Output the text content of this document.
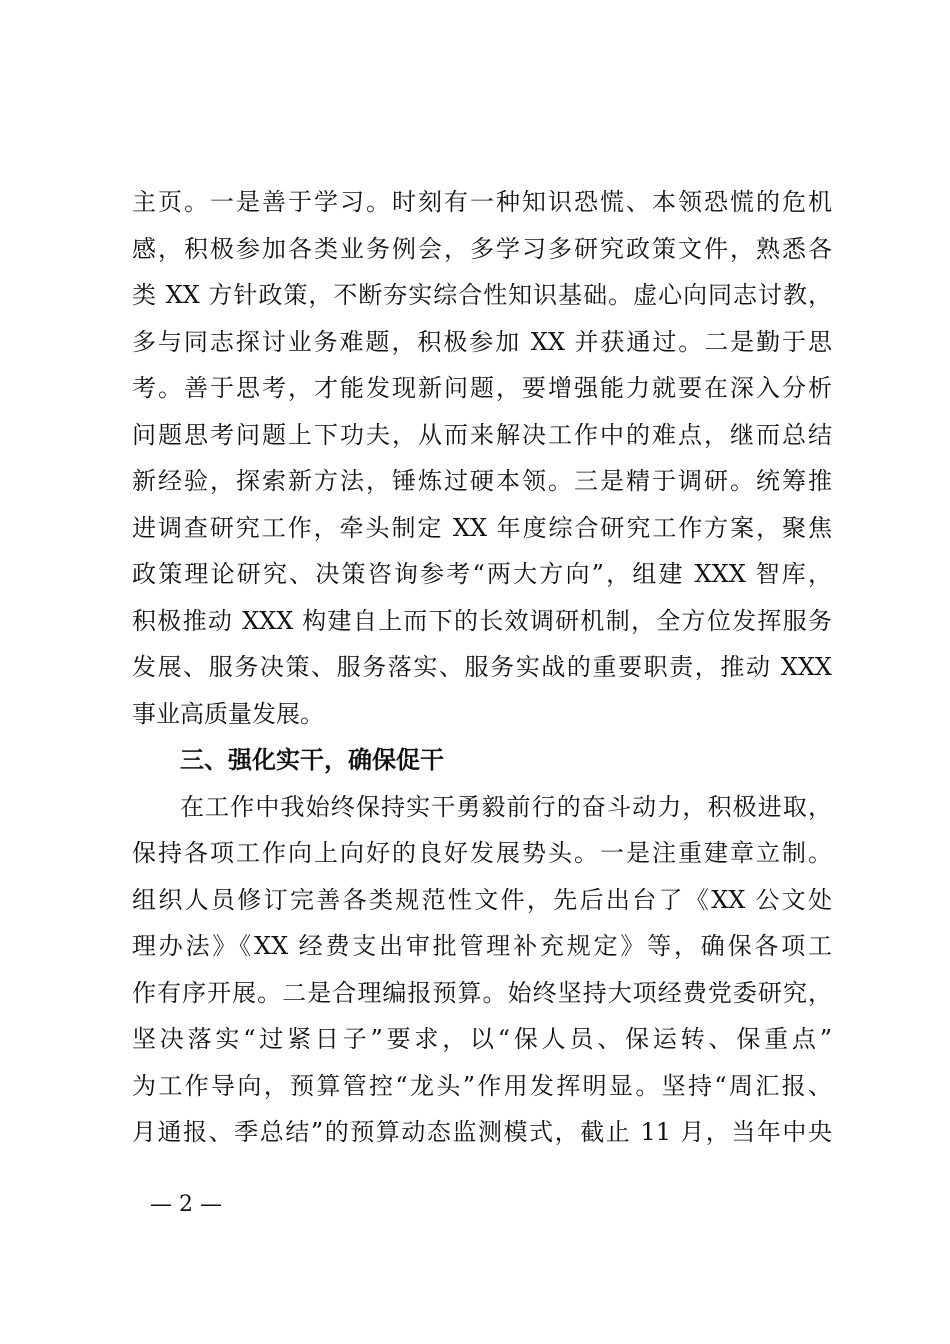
主页。一是善于学习。时刻有一种知识恐慌、本领恐慌的危机
感，积极参加各类业务例会，多学习多研究政策文件，熟悉各
类 XX 方针政策，不断夯实综合性知识基础。虚心向同志讨教，
多与同志探讨业务难题，积极参加 XX 并获通过。二是勤于思
考。善于思考，才能发现新问题，要增强能力就要在深入分析
问题思考问题上下功夫，从而来解决工作中的难点，继而总结
新经验，探索新方法，锤炼过硬本领。三是精于调研。统筹推
进调查研究工作，牵头制定 XX 年度综合研究工作方案，聚焦
政策理论研究、决策咨询参考“两大方向”，组建 XXX 智库，
积极推动 XXX 构建自上而下的长效调研机制，全方位发挥服务
发展、服务决策、服务落实、服务实战的重要职责，推动 XXX
事业高质量发展。
三、强化实干，确保促干
在工作中我始终保持实干勇毅前行的奋斗动力，积极进取，
保持各项工作向上向好的良好发展势头。一是注重建章立制。
组织人员修订完善各类规范性文件，先后出台了《XX 公文处
理办法》《XX 经费支出审批管理补充规定》等，确保各项工
作有序开展。二是合理编报预算。始终坚持大项经费党委研究，
坚决落实“过紧日子”要求，以“保人员、保运转、保重点”
为工作导向，预算管控“龙头”作用发挥明显。坚持“周汇报、
月通报、季总结”的预算动态监测模式，截止 11 月，当年中央
— 2 —
